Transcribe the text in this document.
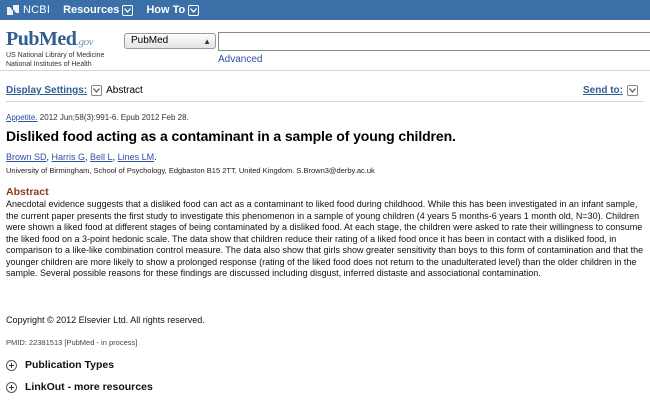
NCBI Resources How To
PubMed.gov
US National Library of Medicine
National Institutes of Health
PubMed	▲︎
Advanced
Display Settings: Abstract	Send to:
Appetite. 2012 Jun;58(3):991-6. Epub 2012 Feb 28.
Disliked food acting as a contaminant in a sample of young children.
Brown SD, Harris G, Bell L, Lines LM.
University of Birmingham, School of Psychology, Edgbaston B15 2TT, United Kingdom. S.Brown3@derby.ac.uk
Abstract
Anecdotal evidence suggests that a disliked food can act as a contaminant to liked food during childhood. While this has been investigated in an infant sample, the current paper presents the first study to investigate this phenomenon in a sample of young children (4 years 5 months-6 years 1 month old, N=30). Children were shown a liked food at different stages of being contaminated by a disliked food. At each stage, the children were asked to rate their willingness to consume the liked food on a 3-point hedonic scale. The data show that children reduce their rating of a liked food once it has been in contact with a disliked food, in comparison to a like-like combination control measure. The data also show that girls show greater sensitivity than boys to this form of contamination and that the younger children are more likely to show a prolonged response (rating of the liked food does not return to the unadulterated level) than the older children in the sample. Several possible reasons for these findings are discussed including disgust, inferred distaste and associational contamination.
Copyright © 2012 Elsevier Ltd. All rights reserved.
PMID: 22381513 [PubMed - in process]
Publication Types
LinkOut - more resources
